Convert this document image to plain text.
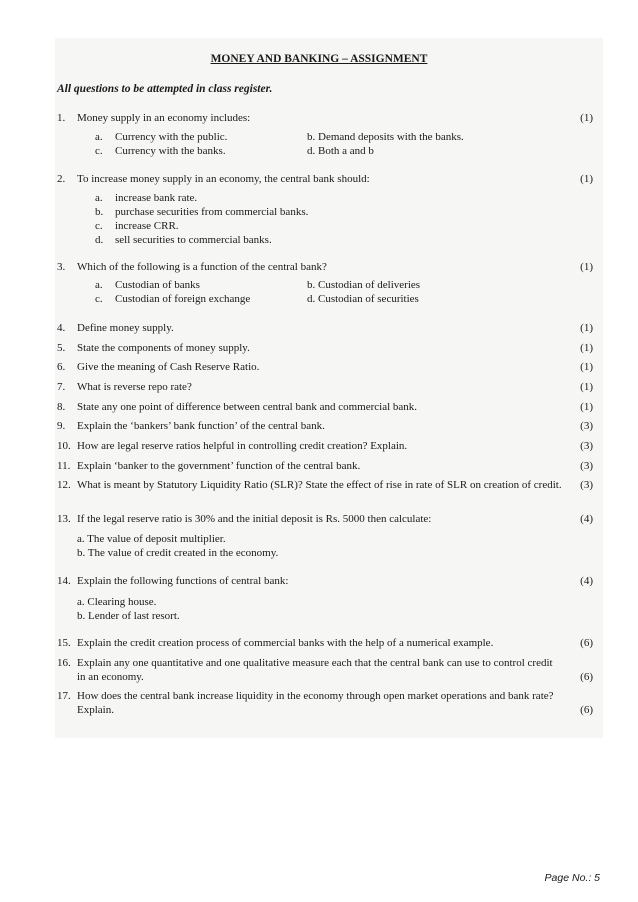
MONEY AND BANKING – ASSIGNMENT
All questions to be attempted in class register.
1. Money supply in an economy includes:	(1)
a. Currency with the public.	b. Demand deposits with the banks.
c. Currency with the banks.	d. Both a and b
2. To increase money supply in an economy, the central bank should:	(1)
a. increase bank rate.
b. purchase securities from commercial banks.
c. increase CRR.
d. sell securities to commercial banks.
3. Which of the following is a function of the central bank?	(1)
a. Custodian of banks	b. Custodian of deliveries
c. Custodian of foreign exchange	d. Custodian of securities
4. Define money supply.	(1)
5. State the components of money supply.	(1)
6. Give the meaning of Cash Reserve Ratio.	(1)
7. What is reverse repo rate?	(1)
8. State any one point of difference between central bank and commercial bank.	(1)
9. Explain the ‘bankers’ bank function’ of the central bank.	(3)
10. How are legal reserve ratios helpful in controlling credit creation? Explain.	(3)
11. Explain ‘banker to the government’ function of the central bank.	(3)
12. What is meant by Statutory Liquidity Ratio (SLR)? State the effect of rise in rate of SLR on creation of credit.	(3)
13. If the legal reserve ratio is 30% and the initial deposit is Rs. 5000 then calculate:	(4)
a. The value of deposit multiplier.
b. The value of credit created in the economy.
14. Explain the following functions of central bank:	(4)
a. Clearing house.
b. Lender of last resort.
15. Explain the credit creation process of commercial banks with the help of a numerical example.	(6)
16. Explain any one quantitative and one qualitative measure each that the central bank can use to control credit in an economy.	(6)
17. How does the central bank increase liquidity in the economy through open market operations and bank rate? Explain.	(6)
Page No.: 5
